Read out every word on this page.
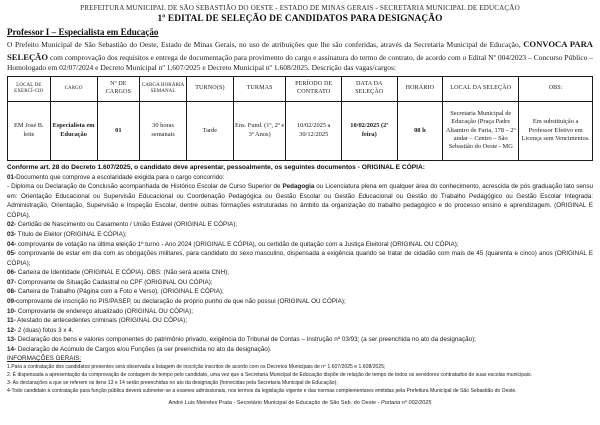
PREFEITURA MUNICIPAL DE SÃO SEBASTIÃO DO OESTE - ESTADO DE MINAS GERAIS - SECRETARIA MUNICIPAL DE EDUCAÇÃO
1º EDITAL DE SELEÇÃO DE CANDIDATOS PARA DESIGNAÇÃO
Professor I – Especialista em Educação
O Prefeito Municipal de São Sebastião do Oeste, Estado de Minas Gerais, no uso de atribuições que lhe são conferidas, através da Secretaria Municipal de Educação, CONVOCA PARA SELEÇÃO com comprovação dos requisitos e entrega de documentação para provimento do cargo e assinatura do termo de contrato, de acordo com o Edital Nº 004/2023 – Concurso Público – Homologado em 02/07/2024 e Decreto Municipal nº 1.607/2025 e Decreto Municipal nº 1.608/2025. Descrição das vagas/cargos:
LOCAL DE EXERCÍ-CIO	CARGO	Nº DE CARGOS	CARGA HORÁRIA SEMANAL	TURNO(S)	TURMAS	PERÍODO DE CONTRATO	DATA DA SELEÇÃO	HORÁRIO	LOCAL DA SELEÇÃO	OBS:
EM José B. leite	Especialista em Educação	01	30 horas semanais	Tarde	Ens. Fund. (1º, 2º e 3º Anos)	10/02/2025 a 30/12/2025	10/02/2025 (2ª feira)	08 h	Secretaria Municipal de Educação (Praça Padre Altamiro de Faria, 178 – 2º andar – Centro – São Sebastião do Oeste - MG	Em substituição a Professor Efetivo em Licença sem Vencimentos.
Conforme art. 28 do Decreto 1.607/2025, o candidato deve apresentar, pessoalmente, os seguintes documentos - ORIGINAL E CÓPIA:
01-Documento que comprove a escolaridade exigida para o cargo concorrido:
- Diploma ou Declaração de Conclusão acompanhada de Histórico Escolar de Curso Superior de Pedagogia ou Licenciatura plena em qualquer área do conhecimento, acrescida de pós graduação lato sensu em: Orientação Educacional ou Supervisão Educacional ou Coordenação Pedagógica ou Gestão Escolar ou Gestão Educacional ou Gestão do Trabalho Pedagógico ou Gestão Escolar Integrada: Administração, Orientação, Supervisão e Inspeção Escolar, dentre outras formações estruturadas no âmbito da organização do trabalho pedagógico e do processo ensino e aprendizagem. (ORIGINAL E CÓPIA).
02- Certidão de Nascimento ou Casamento / União Estável (ORIGINAL E CÓPIA);
03- Título de Eleitor (ORIGINAL E CÓPIA);
04- comprovante de votação na última eleição 1º turno - Ano 2024 (ORIGINAL E CÓPIA), ou certidão de quitação com a Justiça Eleitoral (ORIGINAL OU CÓPIA);
05- comprovante de estar em dia com as obrigações militares, para candidato do sexo masculino, dispensada a exigência quando se tratar de cidadão com mais de 45 (quarenta e cinco) anos (ORIGINAL E CÓPIA);
06- Carteira de Identidade (ORIGINAL E CÓPIA). OBS: (Não será aceita CNH);
07- Comprovante de Situação Cadastral no CPF (ORIGINAL OU CÓPIA);
08- Carteira de Trabalho (Página com a Foto e Verso), (ORIGINAL E CÓPIA);
09-comprovante de inscrição no PIS/PASEP, ou declaração de próprio punho de que não possui (ORIGINAL OU CÓPIA);
10- Comprovante de endereço atualizado (ORIGINAL OU CÓPIA);
11- Atestado de antecedentes criminais (ORIGINAL OU CÓPIA);
12- 2 (duas) fotos 3 x 4.
13- Declaração dos bens e valores componentes do patrimônio privado, exigência do Tribunal de Contas – Instrução nº 03/93; (a ser preenchida no ato da designação);
14- Declaração de Acúmulo de Cargos e/ou Funções (a ser preenchida no ato da designação).
INFORMAÇÕES GERAIS:
1.Para a contratação dos candidatos presentes será observada a listagem de inscrição inscritos de acordo com os Decretos Municipais de nº 1.607/2025 e 1.608/2025;
2. É dispensada a apresentação da comprovação de contagem de tempo pelo candidato, uma vez que a Secretaria Municipal de Educação dispõe de relação de tempo de todos os servidores contratados de suas escolas municipais.
3- As declarações a que se referem os itens 13 e 14 serão preenchidas no ato da designação (fornecidas pela Secretaria Municipal de Educação);
4-Todo candidato à contratação para função pública deverá submeter-se a exames admissionais, nos termos da legislação vigente e das normas complementares emitidas pela Prefeitura Municipal de São Sebastião do Oeste.
André Luis Meireles Prata - Secretário Municipal de Educação de São Seb. do Oeste - Portaria nº 002/2025
